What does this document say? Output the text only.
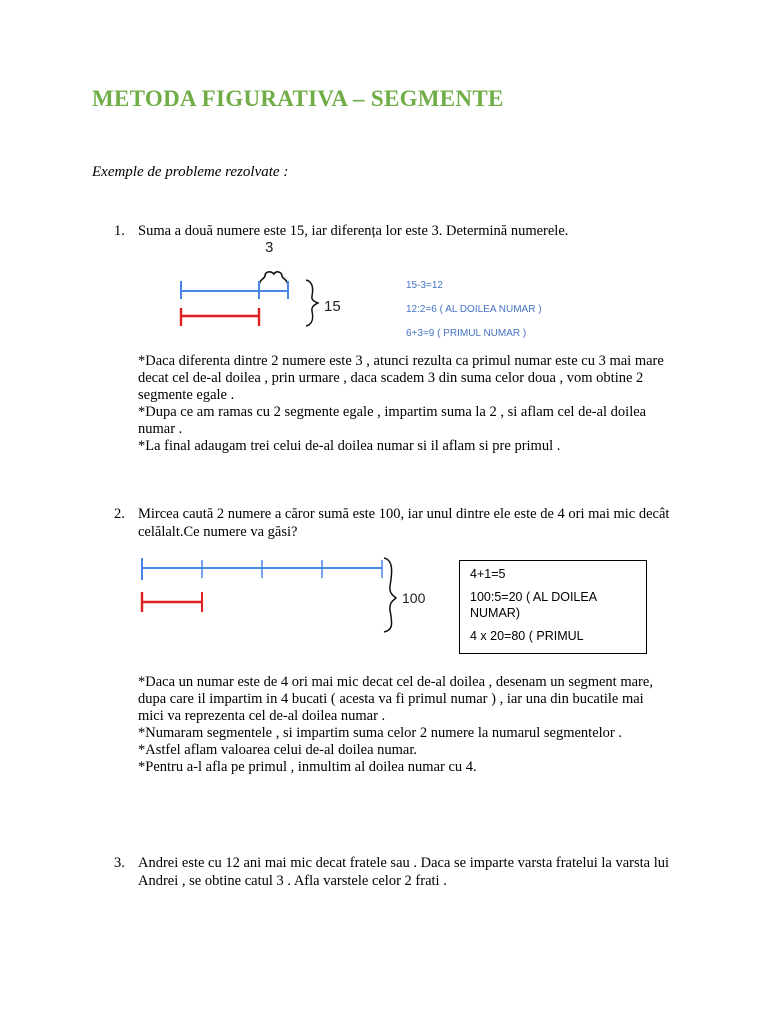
METODA FIGURATIVA – SEGMENTE
Exemple de probleme rezolvate :
1. Suma a două numere este 15, iar diferența lor este 3. Determină numerele.
3
15
15-3=12
12:2=6 ( AL DOILEA NUMAR )
6+3=9 ( PRIMUL NUMAR )
*Daca diferenta dintre 2 numere este 3 , atunci rezulta ca primul numar este cu 3 mai mare decat cel de-al doilea , prin urmare , daca scadem 3 din suma celor doua , vom obtine 2 segmente egale .
*Dupa ce am ramas cu 2 segmente egale , impartim suma la 2 , si aflam cel de-al doilea numar .
*La final adaugam trei celui de-al doilea numar si il aflam si pre primul .
2. Mircea caută 2 numere a căror sumă este 100, iar unul dintre ele este de 4 ori mai mic decât celălalt.Ce numere va găsi?
100
4+1=5
100:5=20 ( AL DOILEA NUMAR)
4 x 20=80 ( PRIMUL
*Daca un numar este de 4 ori mai mic decat cel de-al doilea , desenam un segment mare, dupa care il impartim in 4 bucati ( acesta va fi primul numar ) , iar una din bucatile mai mici va reprezenta cel de-al doilea numar .
*Numaram segmentele , si impartim suma celor 2 numere la numarul segmentelor .
*Astfel aflam valoarea celui de-al doilea numar.
*Pentru a-l afla pe primul , inmultim al doilea numar cu 4.
3. Andrei este cu 12 ani mai mic decat fratele sau . Daca se imparte varsta fratelui la varsta lui Andrei , se obtine catul 3 . Afla varstele celor 2 frati .
